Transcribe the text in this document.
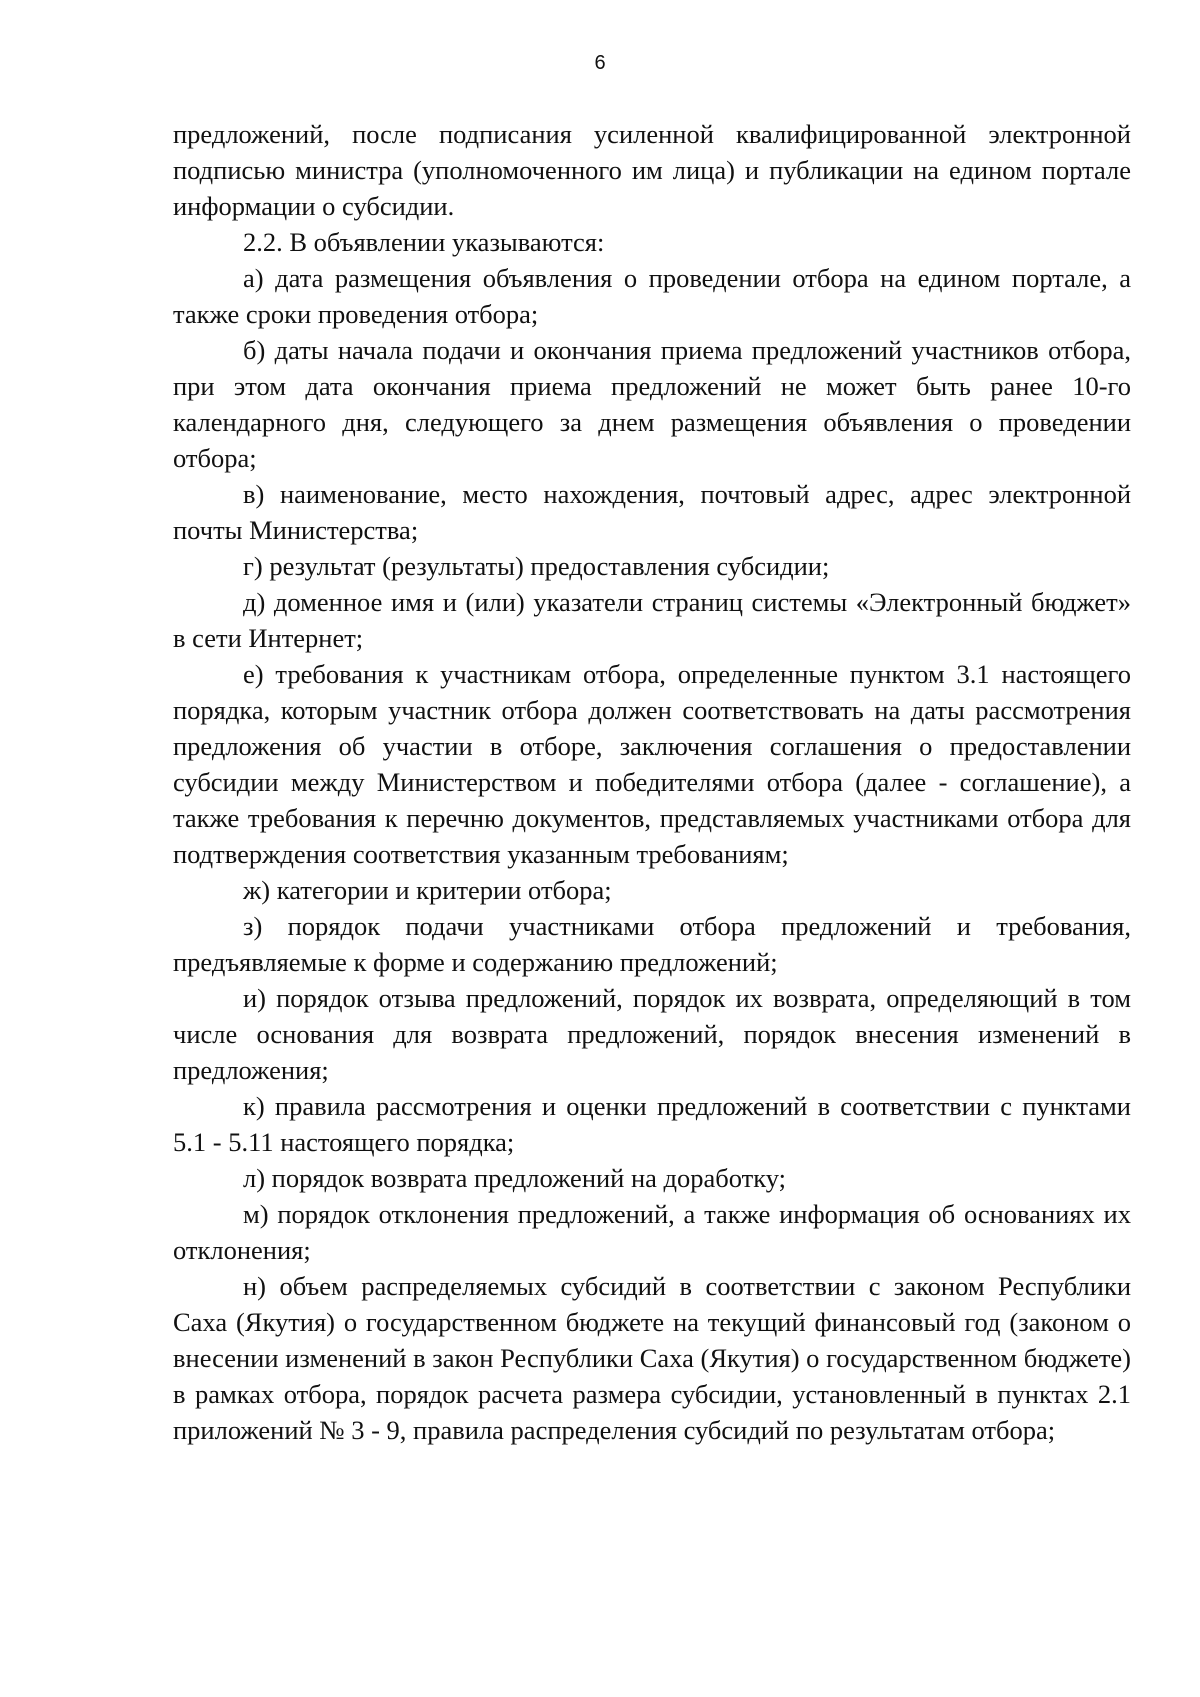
6

предложений, после подписания усиленной квалифицированной электронной подписью министра (уполномоченного им лица) и публикации на едином портале информации о субсидии.

2.2. В объявлении указываются:

а) дата размещения объявления о проведении отбора на едином портале, а также сроки проведения отбора;

б) даты начала подачи и окончания приема предложений участников отбора, при этом дата окончания приема предложений не может быть ранее 10-го календарного дня, следующего за днем размещения объявления о проведении отбора;

в) наименование, место нахождения, почтовый адрес, адрес электронной почты Министерства;

г) результат (результаты) предоставления субсидии;

д) доменное имя и (или) указатели страниц системы «Электронный бюджет» в сети Интернет;

е) требования к участникам отбора, определенные пунктом 3.1 настоящего порядка, которым участник отбора должен соответствовать на даты рассмотрения предложения об участии в отборе, заключения соглашения о предоставлении субсидии между Министерством и победителями отбора (далее - соглашение), а также требования к перечню документов, представляемых участниками отбора для подтверждения соответствия указанным требованиям;

ж) категории и критерии отбора;

з) порядок подачи участниками отбора предложений и требования, предъявляемые к форме и содержанию предложений;

и) порядок отзыва предложений, порядок их возврата, определяющий в том числе основания для возврата предложений, порядок внесения изменений в предложения;

к) правила рассмотрения и оценки предложений в соответствии с пунктами 5.1 - 5.11 настоящего порядка;

л) порядок возврата предложений на доработку;

м) порядок отклонения предложений, а также информация об основаниях их отклонения;

н) объем распределяемых субсидий в соответствии с законом Республики Саха (Якутия) о государственном бюджете на текущий финансовый год (законом о внесении изменений в закон Республики Саха (Якутия) о государственном бюджете) в рамках отбора, порядок расчета размера субсидии, установленный в пунктах 2.1 приложений № 3 - 9, правила распределения субсидий по результатам отбора;
